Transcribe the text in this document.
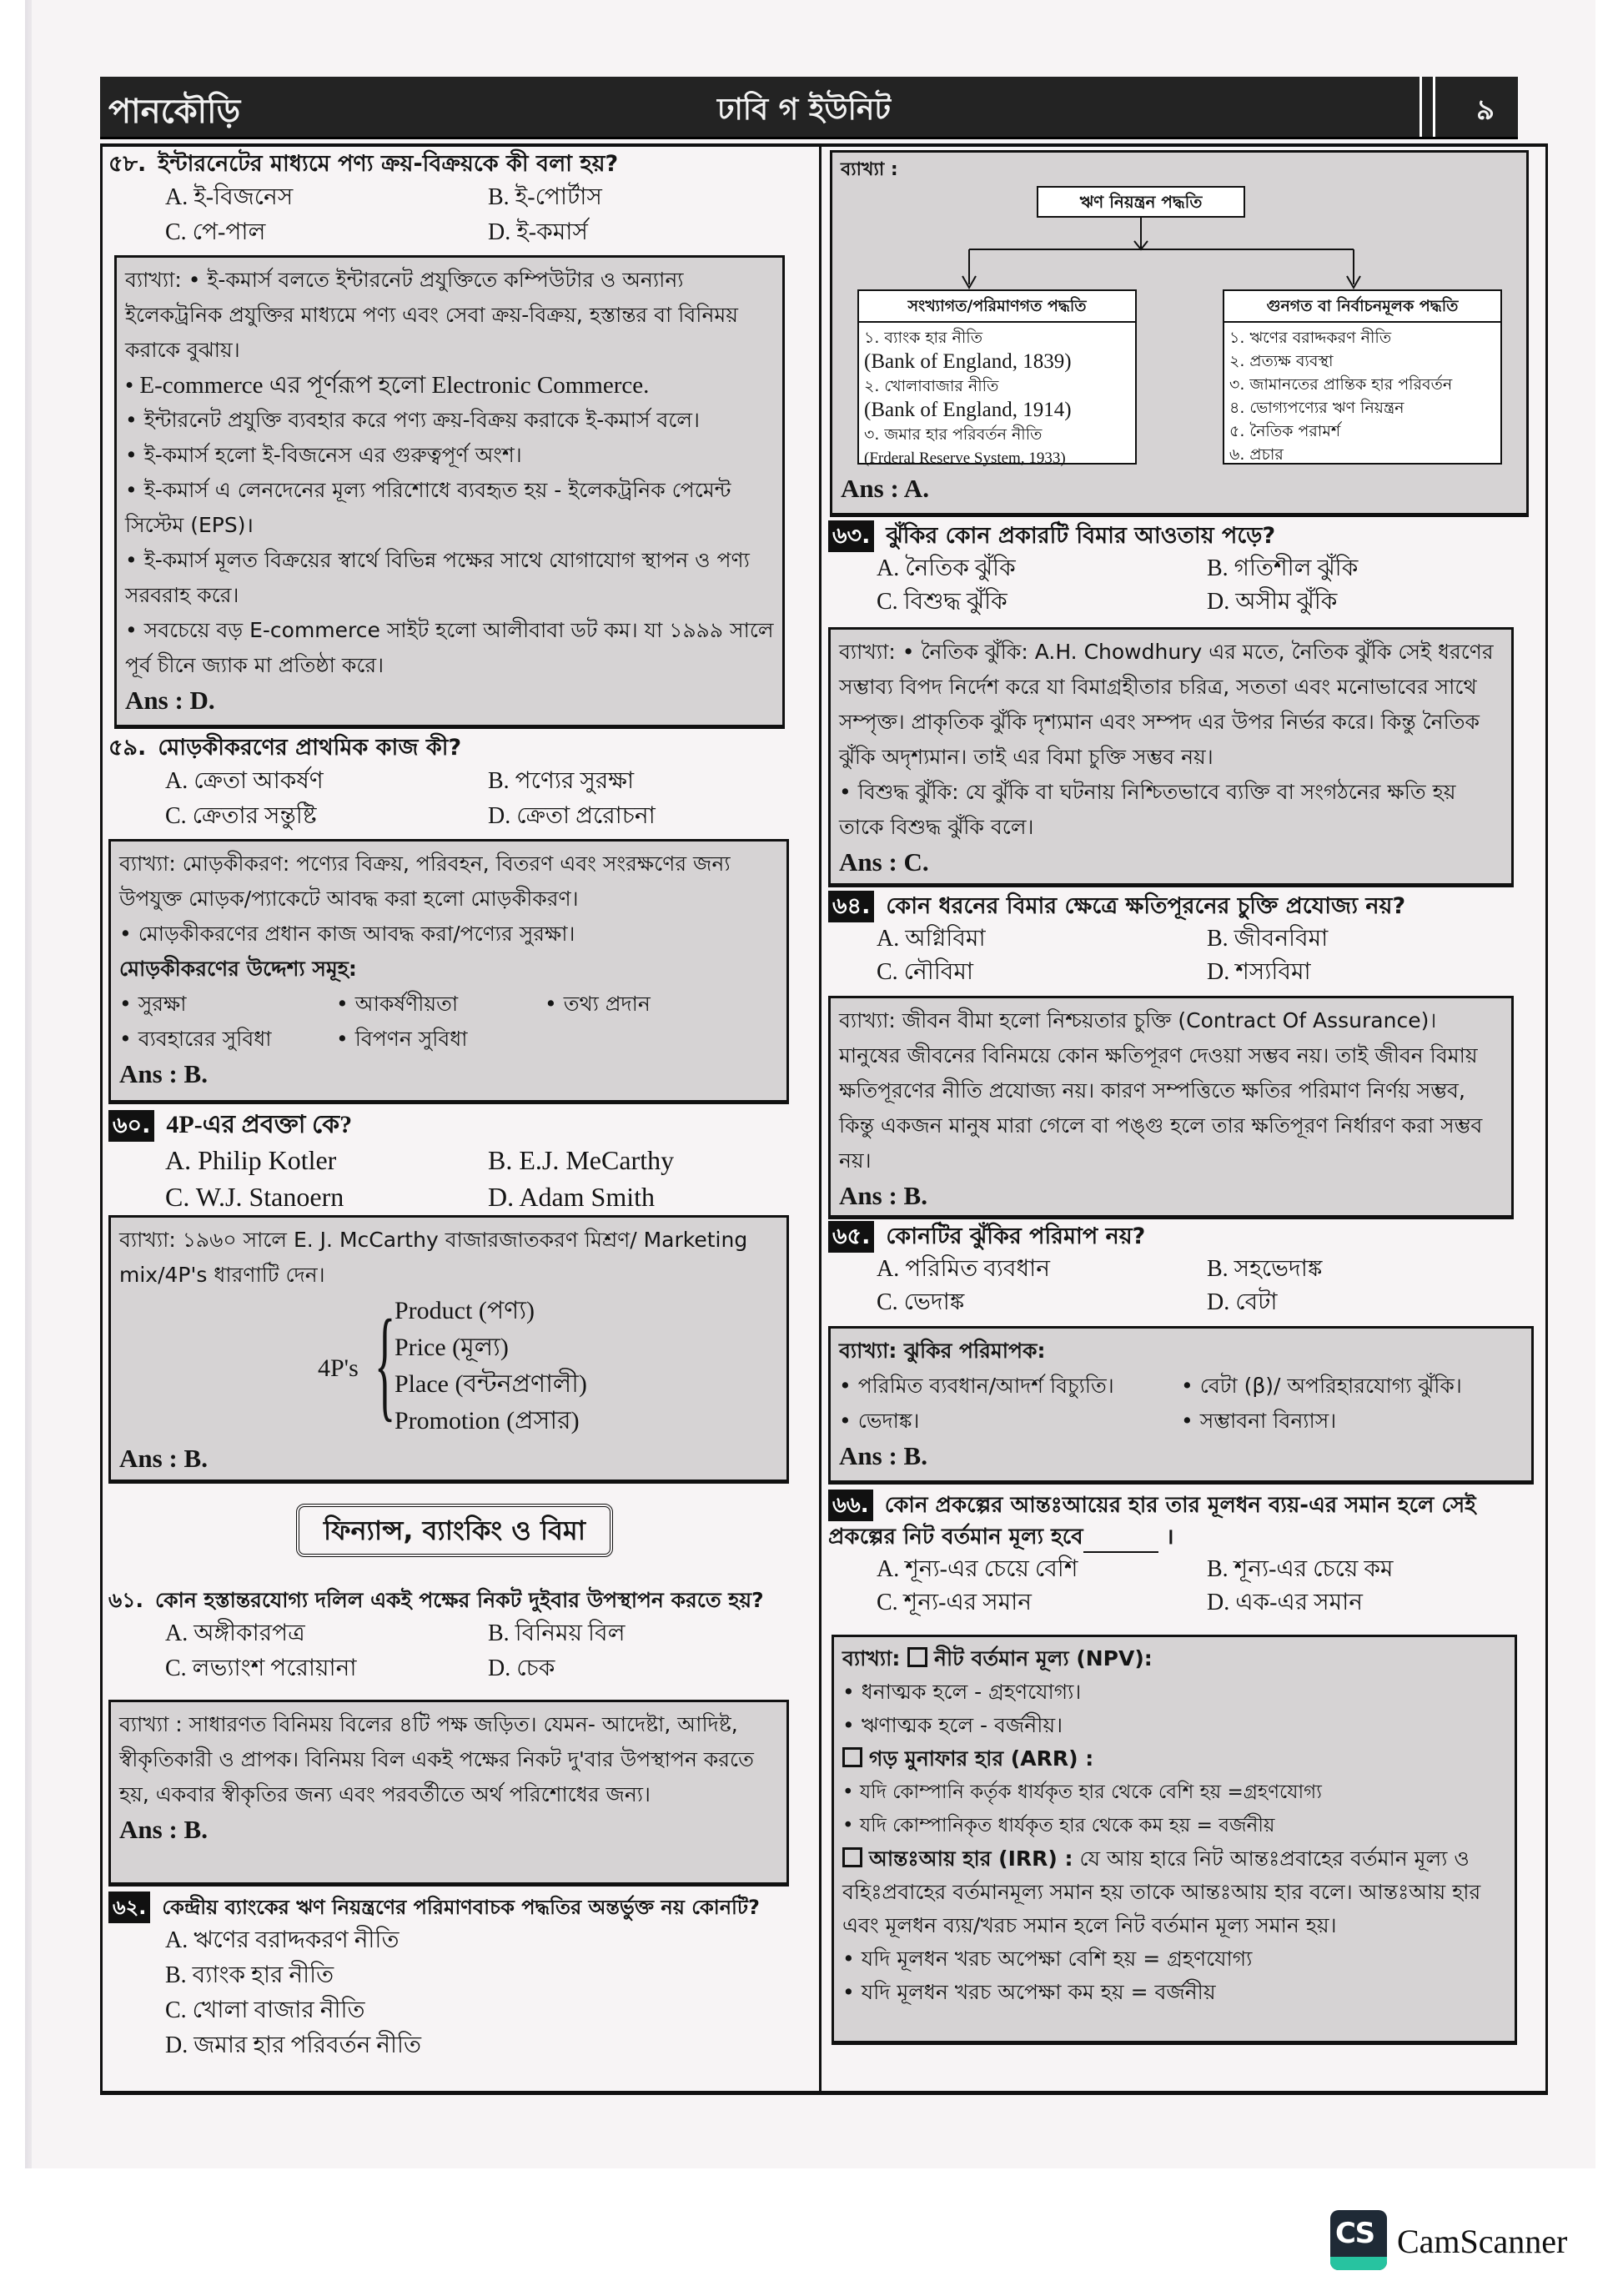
পানকৌড়ি	ঢাবি গ ইউনিট	৯
৫৮. ইন্টারনেটের মাধ্যমে পণ্য ক্রয়-বিক্রয়কে কী বলা হয়?
A. ই-বিজনেস	B. ই-পোর্টাস
C. পে-পাল	D. ই-কমার্স
ব্যাখ্যা: • ই-কমার্স বলতে ইন্টারনেট প্রযুক্তিতে কম্পিউটার ও অন্যান্য ইলেকট্রনিক প্রযুক্তির মাধ্যমে পণ্য এবং সেবা ক্রয়-বিক্রয়, হস্তান্তর বা বিনিময় করাকে বুঝায়।
• E-commerce এর পূর্ণরূপ হলো Electronic Commerce.
• ইন্টারনেট প্রযুক্তি ব্যবহার করে পণ্য ক্রয়-বিক্রয় করাকে ই-কমার্স বলে।
• ই-কমার্স হলো ই-বিজনেস এর গুরুত্বপূর্ণ অংশ।
• ই-কমার্স এ লেনদেনের মূল্য পরিশোধে ব্যবহৃত হয় - ইলেকট্রনিক পেমেন্ট সিস্টেম (EPS)।
• ই-কমার্স মূলত বিক্রয়ের স্বার্থে বিভিন্ন পক্ষের সাথে যোগাযোগ স্থাপন ও পণ্য সরবরাহ করে।
• সবচেয়ে বড় E-commerce সাইট হলো আলীবাবা ডট কম। যা ১৯৯৯ সালে পূর্ব চীনে জ্যাক মা প্রতিষ্ঠা করে।
Ans : D.
৫৯. মোড়কীকরণের প্রাথমিক কাজ কী?
A. ক্রেতা আকর্ষণ	B. পণ্যের সুরক্ষা
C. ক্রেতার সন্তুষ্টি	D. ক্রেতা প্ররোচনা
ব্যাখ্যা: মোড়কীকরণ: পণ্যের বিক্রয়, পরিবহন, বিতরণ এবং সংরক্ষণের জন্য উপযুক্ত মোড়ক/প্যাকেটে আবদ্ধ করা হলো মোড়কীকরণ।
• মোড়কীকরণের প্রধান কাজ আবদ্ধ করা/পণ্যের সুরক্ষা।
মোড়কীকরণের উদ্দেশ্য সমূহ:
• সুরক্ষা	• আকর্ষণীয়তা	• তথ্য প্রদান
• ব্যবহারের সুবিধা	• বিপণন সুবিধা
Ans : B.
৬০. 4P-এর প্রবক্তা কে?
A. Philip Kotler	B. E.J. MeCarthy
C. W.J. Stanoern	D. Adam Smith
ব্যাখ্যা: ১৯৬০ সালে E. J. McCarthy বাজারজাতকরণ মিশ্রণ/ Marketing mix/4P's ধারণাটি দেন।
4P's {
Product (পণ্য)
Price (মূল্য)
Place (বন্টনপ্রণালী)
Promotion (প্রসার)
Ans : B.
ফিন্যান্স, ব্যাংকিং ও বিমা
৬১. কোন হস্তান্তরযোগ্য দলিল একই পক্ষের নিকট দুইবার উপস্থাপন করতে হয়?
A. অঙ্গীকারপত্র	B. বিনিময় বিল
C. লভ্যাংশ পরোয়ানা	D. চেক
ব্যাখ্যা : সাধারণত বিনিময় বিলের ৪টি পক্ষ জড়িত। যেমন- আদেষ্টা, আদিষ্ট, স্বীকৃতিকারী ও প্রাপক। বিনিময় বিল একই পক্ষের নিকট দু'বার উপস্থাপন করতে হয়, একবার স্বীকৃতির জন্য এবং পরবর্তীতে অর্থ পরিশোধের জন্য।
Ans : B.
৬২. কেন্দ্রীয় ব্যাংকের ঋণ নিয়ন্ত্রণের পরিমাণবাচক পদ্ধতির অন্তর্ভুক্ত নয় কোনটি?
A. ঋণের বরাদ্দকরণ নীতি
B. ব্যাংক হার নীতি
C. খোলা বাজার নীতি
D. জমার হার পরিবর্তন নীতি
ব্যাখ্যা :
ঋণ নিয়ন্ত্রন পদ্ধতি
সংখ্যাগত/পরিমাণগত পদ্ধতি
১. ব্যাংক হার নীতি
(Bank of England, 1839)
২. খোলাবাজার নীতি
(Bank of England, 1914)
৩. জমার হার পরিবর্তন নীতি
(Frderal Reserve System, 1933)
গুনগত বা নির্বাচনমূলক পদ্ধতি
১. ঋণের বরাদ্দকরণ নীতি
২. প্রত্যক্ষ ব্যবস্থা
৩. জামানতের প্রান্তিক হার পরিবর্তন
৪. ভোগ্যপণ্যের ঋণ নিয়ন্ত্রন
৫. নৈতিক পরামর্শ
৬. প্রচার
Ans : A.
৬৩. ঝুঁকির কোন প্রকারটি বিমার আওতায় পড়ে?
A. নৈতিক ঝুঁকি	B. গতিশীল ঝুঁকি
C. বিশুদ্ধ ঝুঁকি	D. অসীম ঝুঁকি
ব্যাখ্যা: • নৈতিক ঝুঁকি: A.H. Chowdhury এর মতে, নৈতিক ঝুঁকি সেই ধরণের সম্ভাব্য বিপদ নির্দেশ করে যা বিমাগ্রহীতার চরিত্র, সততা এবং মনোভাবের সাথে সম্পৃক্ত। প্রাকৃতিক ঝুঁকি দৃশ্যমান এবং সম্পদ এর উপর নির্ভর করে। কিন্তু নৈতিক ঝুঁকি অদৃশ্যমান। তাই এর বিমা চুক্তি সম্ভব নয়।
• বিশুদ্ধ ঝুঁকি: যে ঝুঁকি বা ঘটনায় নিশ্চিতভাবে ব্যক্তি বা সংগঠনের ক্ষতি হয় তাকে বিশুদ্ধ ঝুঁকি বলে।
Ans : C.
৬৪. কোন ধরনের বিমার ক্ষেত্রে ক্ষতিপূরনের চুক্তি প্রযোজ্য নয়?
A. অগ্নিবিমা	B. জীবনবিমা
C. নৌবিমা	D. শস্যবিমা
ব্যাখ্যা: জীবন বীমা হলো নিশ্চয়তার চুক্তি (Contract Of Assurance)। মানুষের জীবনের বিনিময়ে কোন ক্ষতিপূরণ দেওয়া সম্ভব নয়। তাই জীবন বিমায় ক্ষতিপূরণের নীতি প্রযোজ্য নয়। কারণ সম্পত্তিতে ক্ষতির পরিমাণ নির্ণয় সম্ভব, কিন্তু একজন মানুষ মারা গেলে বা পঙ্গু হলে তার ক্ষতিপূরণ নির্ধারণ করা সম্ভব নয়।
Ans : B.
৬৫. কোনটির ঝুঁকির পরিমাপ নয়?
A. পরিমিত ব্যবধান	B. সহভেদাঙ্ক
C. ভেদাঙ্ক	D. বেটা
ব্যাখ্যা: ঝুকির পরিমাপক:
• পরিমিত ব্যবধান/আদর্শ বিচ্যুতি।	• বেটা (β)/ অপরিহারযোগ্য ঝুঁকি।
• ভেদাঙ্ক।	• সম্ভাবনা বিন্যাস।
Ans : B.
৬৬. কোন প্রকল্পের আন্তঃআয়ের হার তার মূলধন ব্যয়-এর সমান হলে সেই প্রকল্পের নিট বর্তমান মূল্য হবে	।
A. শূন্য-এর চেয়ে বেশি	B. শূন্য-এর চেয়ে কম
C. শূন্য-এর সমান	D. এক-এর সমান
ব্যাখ্যা: নীট বর্তমান মূল্য (NPV):
• ধনাত্মক হলে - গ্রহণযোগ্য।
• ঋণাত্মক হলে - বর্জনীয়।
গড় মুনাফার হার (ARR) :
• যদি কোম্পানি কর্তৃক ধার্যকৃত হার থেকে বেশি হয় =গ্রহণযোগ্য
• যদি কোম্পানিকৃত ধার্যকৃত হার থেকে কম হয় = বর্জনীয়
আন্তঃআয় হার (IRR) : যে আয় হারে নিট আন্তঃপ্রবাহের বর্তমান মূল্য ও বহিঃপ্রবাহের বর্তমানমূল্য সমান হয় তাকে আন্তঃআয় হার বলে। আন্তঃআয় হার এবং মূলধন ব্যয়/খরচ সমান হলে নিট বর্তমান মূল্য সমান হয়।
• যদি মূলধন খরচ অপেক্ষা বেশি হয় = গ্রহণযোগ্য
• যদি মূলধন খরচ অপেক্ষা কম হয় = বর্জনীয়
CS CamScanner
